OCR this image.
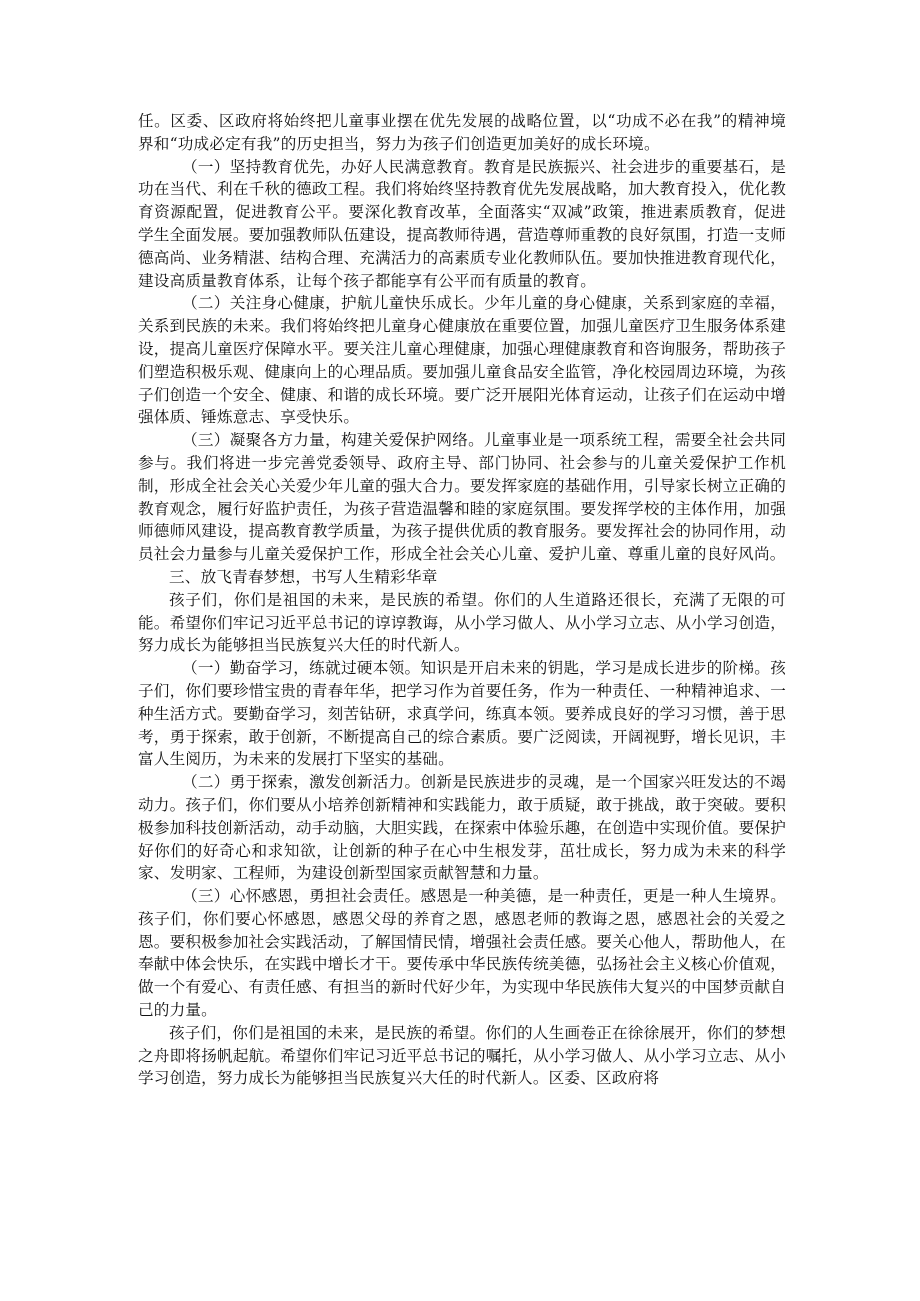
任。区委、区政府将始终把儿童事业摆在优先发展的战略位置，以“功成不必在我”的精神境界和“功成必定有我”的历史担当，努力为孩子们创造更加美好的成长环境。

（一）坚持教育优先，办好人民满意教育。教育是民族振兴、社会进步的重要基石，是功在当代、利在千秋的德政工程。我们将始终坚持教育优先发展战略，加大教育投入，优化教育资源配置，促进教育公平。要深化教育改革，全面落实“双减”政策，推进素质教育，促进学生全面发展。要加强教师队伍建设，提高教师待遇，营造尊师重教的良好氛围，打造一支师德高尚、业务精湛、结构合理、充满活力的高素质专业化教师队伍。要加快推进教育现代化，建设高质量教育体系，让每个孩子都能享有公平而有质量的教育。

（二）关注身心健康，护航儿童快乐成长。少年儿童的身心健康，关系到家庭的幸福，关系到民族的未来。我们将始终把儿童身心健康放在重要位置，加强儿童医疗卫生服务体系建设，提高儿童医疗保障水平。要关注儿童心理健康，加强心理健康教育和咨询服务，帮助孩子们塑造积极乐观、健康向上的心理品质。要加强儿童食品安全监管，净化校园周边环境，为孩子们创造一个安全、健康、和谐的成长环境。要广泛开展阳光体育运动，让孩子们在运动中增强体质、锤炼意志、享受快乐。

（三）凝聚各方力量，构建关爱保护网络。儿童事业是一项系统工程，需要全社会共同参与。我们将进一步完善党委领导、政府主导、部门协同、社会参与的儿童关爱保护工作机制，形成全社会关心关爱少年儿童的强大合力。要发挥家庭的基础作用，引导家长树立正确的教育观念，履行好监护责任，为孩子营造温馨和睦的家庭氛围。要发挥学校的主体作用，加强师德师风建设，提高教育教学质量，为孩子提供优质的教育服务。要发挥社会的协同作用，动员社会力量参与儿童关爱保护工作，形成全社会关心儿童、爱护儿童、尊重儿童的良好风尚。

三、放飞青春梦想，书写人生精彩华章

孩子们，你们是祖国的未来，是民族的希望。你们的人生道路还很长，充满了无限的可能。希望你们牢记习近平总书记的谆谆教诲，从小学习做人、从小学习立志、从小学习创造，努力成长为能够担当民族复兴大任的时代新人。

（一）勤奋学习，练就过硬本领。知识是开启未来的钥匙，学习是成长进步的阶梯。孩子们，你们要珍惜宝贵的青春年华，把学习作为首要任务，作为一种责任、一种精神追求、一种生活方式。要勤奋学习，刻苦钻研，求真学问，练真本领。要养成良好的学习习惯，善于思考，勇于探索，敢于创新，不断提高自己的综合素质。要广泛阅读，开阔视野，增长见识，丰富人生阅历，为未来的发展打下坚实的基础。

（二）勇于探索，激发创新活力。创新是民族进步的灵魂，是一个国家兴旺发达的不竭动力。孩子们，你们要从小培养创新精神和实践能力，敢于质疑，敢于挑战，敢于突破。要积极参加科技创新活动，动手动脑，大胆实践，在探索中体验乐趣，在创造中实现价值。要保护好你们的好奇心和求知欲，让创新的种子在心中生根发芽，茁壮成长，努力成为未来的科学家、发明家、工程师，为建设创新型国家贡献智慧和力量。

（三）心怀感恩，勇担社会责任。感恩是一种美德，是一种责任，更是一种人生境界。孩子们，你们要心怀感恩，感恩父母的养育之恩，感恩老师的教诲之恩，感恩社会的关爱之恩。要积极参加社会实践活动，了解国情民情，增强社会责任感。要关心他人，帮助他人，在奉献中体会快乐，在实践中增长才干。要传承中华民族传统美德，弘扬社会主义核心价值观，做一个有爱心、有责任感、有担当的新时代好少年，为实现中华民族伟大复兴的中国梦贡献自己的力量。

孩子们，你们是祖国的未来，是民族的希望。你们的人生画卷正在徐徐展开，你们的梦想之舟即将扬帆起航。希望你们牢记习近平总书记的嘱托，从小学习做人、从小学习立志、从小学习创造，努力成长为能够担当民族复兴大任的时代新人。区委、区政府将
